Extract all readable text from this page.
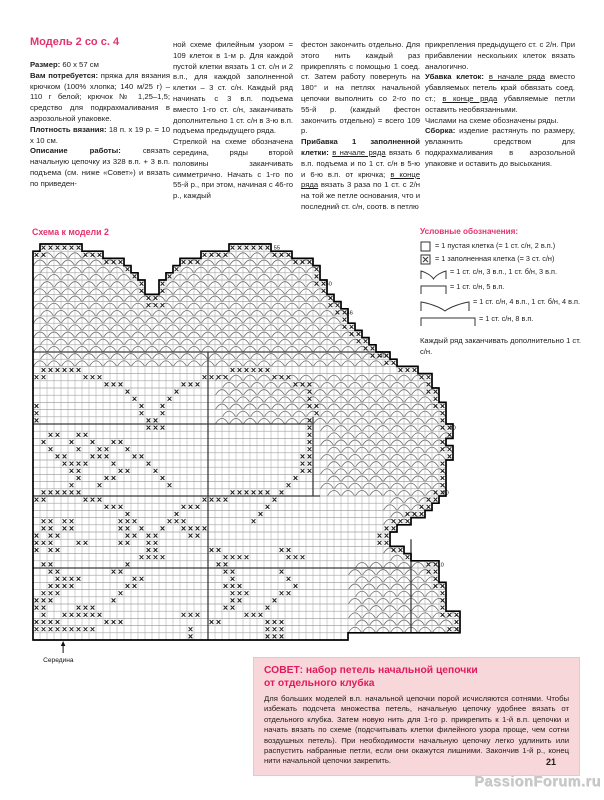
Модель 2 со с. 4

Размер: 60 x 57 см

Вам потребуется: пряжа для вязания крючком (100% хлопка; 140 м/25 г) – 110 г белой; крючок № 1,25–1,5; средство для подкрахмаливания в аэрозольной упаковке.

Плотность вязания: 18 п. x 19 р. = 10 x 10 см.

Описание работы: связать начальную цепочку из 328 в.п. + 3 в.п. подъема (см. ниже «Совет») и вязать по приведен-

ной схеме филейным узором = 109 клеток в 1-м р. Для каждой пустой клетки вязать 1 ст. с/н и 2 в.п., для каждой заполненной клетки – 3 ст. с/н. Каждый ряд начинать с 3 в.п. подъема вместо 1-го ст. с/н, заканчивать дополнительно 1 ст. с/н в 3-ю в.п. подъема предыдущего ряда.

Стрелкой на схеме обозначена середина, ряды второй половины заканчивать симметрично. Начать с 1-го по 55-й р., при этом, начиная с 46-го р., каждый

фестон закончить отдельно. Для этого нить каждый раз прикреплять с помощью 1 соед. ст. Затем работу повернуть на 180° и на петлях начальной цепочки выполнить со 2-го по 55-й р. (каждый фестон закончить отдельно) = всего 109 р.

Прибавка 1 заполненной клетки: в начале ряда вязать 6 в.п. подъема и по 1 ст. с/н в 5-ю и 6-ю в.п. от крючка; в конце ряда вязать 3 раза по 1 ст. с 2/н на той же петле основания, что и последний ст. с/н, соотв. в петлю

прикрепления предыдущего ст. с 2/н. При прибавлении нескольких клеток вязать аналогично.

Убавка клеток: в начале ряда вместо убавляемых петель край обвязать соед. ст.; в конце ряда убавляемые петли оставить необвязанными.

Числами на схеме обозначены ряды.

Сборка: изделие растянуть по размеру, увлажнить средством для подкрахмаливания в аэрозольной упаковке и оставить до высыхания.

Схема к модели 2
55
50
46
40
30
20
10
1
Середина
Условные обозначения:
= 1 пустая клетка (= 1 ст. с/н, 2 в.п.)
= 1 заполненная клетка (= 3 ст. с/н)
= 1 ст. с/н, 3 в.п., 1 ст. б/н, 3 в.п.
= 1 ст. с/н, 5 в.п.
= 1 ст. с/н, 4 в.п., 1 ст. б/н, 4 в.п.
= 1 ст. с/н, 8 в.п.
Каждый ряд заканчивать дополнительно 1 ст. с/н.

СОВЕТ: набор петель начальной цепочки
от отдельного клубка

Для больших моделей в.п. начальной цепочки порой исчисляются сотнями. Чтобы избежать подсчета множества петель, начальную цепочку удобнее вязать от отдельного клубка. Затем новую нить для 1-го р. прикрепить к 1-й в.п. цепочки и начать вязать по схеме (подсчитывать клетки филейного узора проще, чем сотни воздушных петель). При необходимости начальную цепочку легко удлинить или распустить набранные петли, если они окажутся лишними. Закончив 1-й р., конец нити начальной цепочки закрепить.	21
PassionForum.ru
